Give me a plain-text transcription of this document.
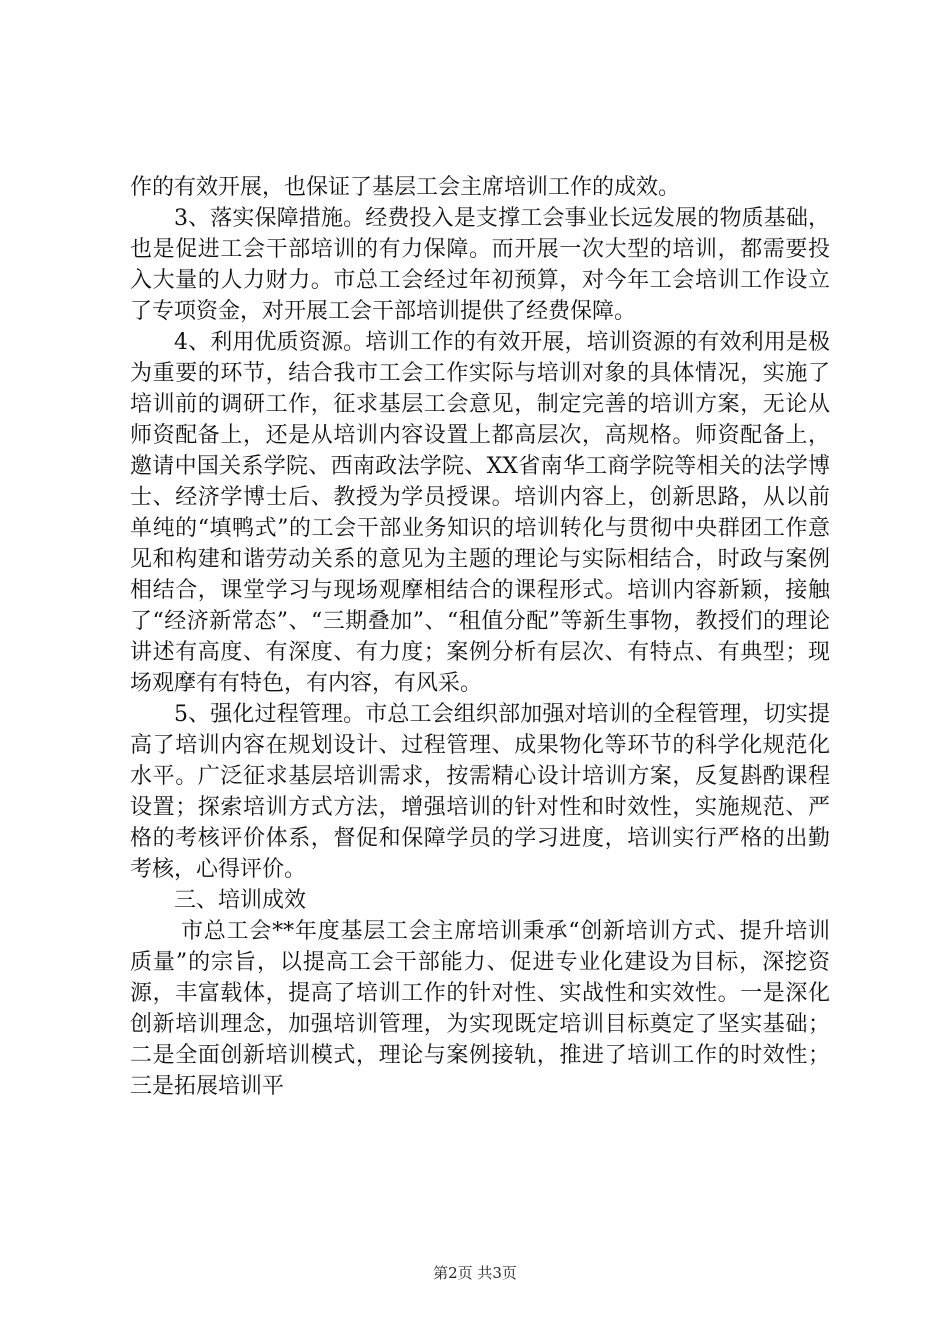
作的有效开展，也保证了基层工会主席培训工作的成效。

3、落实保障措施。经费投入是支撑工会事业长远发展的物质基础，也是促进工会干部培训的有力保障。而开展一次大型的培训，都需要投入大量的人力财力。市总工会经过年初预算，对今年工会培训工作设立了专项资金，对开展工会干部培训提供了经费保障。

4、利用优质资源。培训工作的有效开展，培训资源的有效利用是极为重要的环节，结合我市工会工作实际与培训对象的具体情况，实施了培训前的调研工作，征求基层工会意见，制定完善的培训方案，无论从师资配备上，还是从培训内容设置上都高层次，高规格。师资配备上，邀请中国关系学院、西南政法学院、XX省南华工商学院等相关的法学博士、经济学博士后、教授为学员授课。培训内容上，创新思路，从以前单纯的“填鸭式”的工会干部业务知识的培训转化与贯彻中央群团工作意见和构建和谐劳动关系的意见为主题的理论与实际相结合，时政与案例相结合，课堂学习与现场观摩相结合的课程形式。培训内容新颖，接触了“经济新常态”、“三期叠加”、“租值分配”等新生事物，教授们的理论讲述有高度、有深度、有力度；案例分析有层次、有特点、有典型；现场观摩有有特色，有内容，有风采。

5、强化过程管理。市总工会组织部加强对培训的全程管理，切实提高了培训内容在规划设计、过程管理、成果物化等环节的科学化规范化水平。广泛征求基层培训需求，按需精心设计培训方案，反复斟酌课程设置；探索培训方式方法，增强培训的针对性和时效性，实施规范、严格的考核评价体系，督促和保障学员的学习进度，培训实行严格的出勤考核，心得评价。

三、培训成效

市总工会**年度基层工会主席培训秉承“创新培训方式、提升培训质量”的宗旨，以提高工会干部能力、促进专业化建设为目标，深挖资源，丰富载体，提高了培训工作的针对性、实战性和实效性。一是深化创新培训理念，加强培训管理，为实现既定培训目标奠定了坚实基础；二是全面创新培训模式，理论与案例接轨，推进了培训工作的时效性；三是拓展培训平

第2页 共3页
